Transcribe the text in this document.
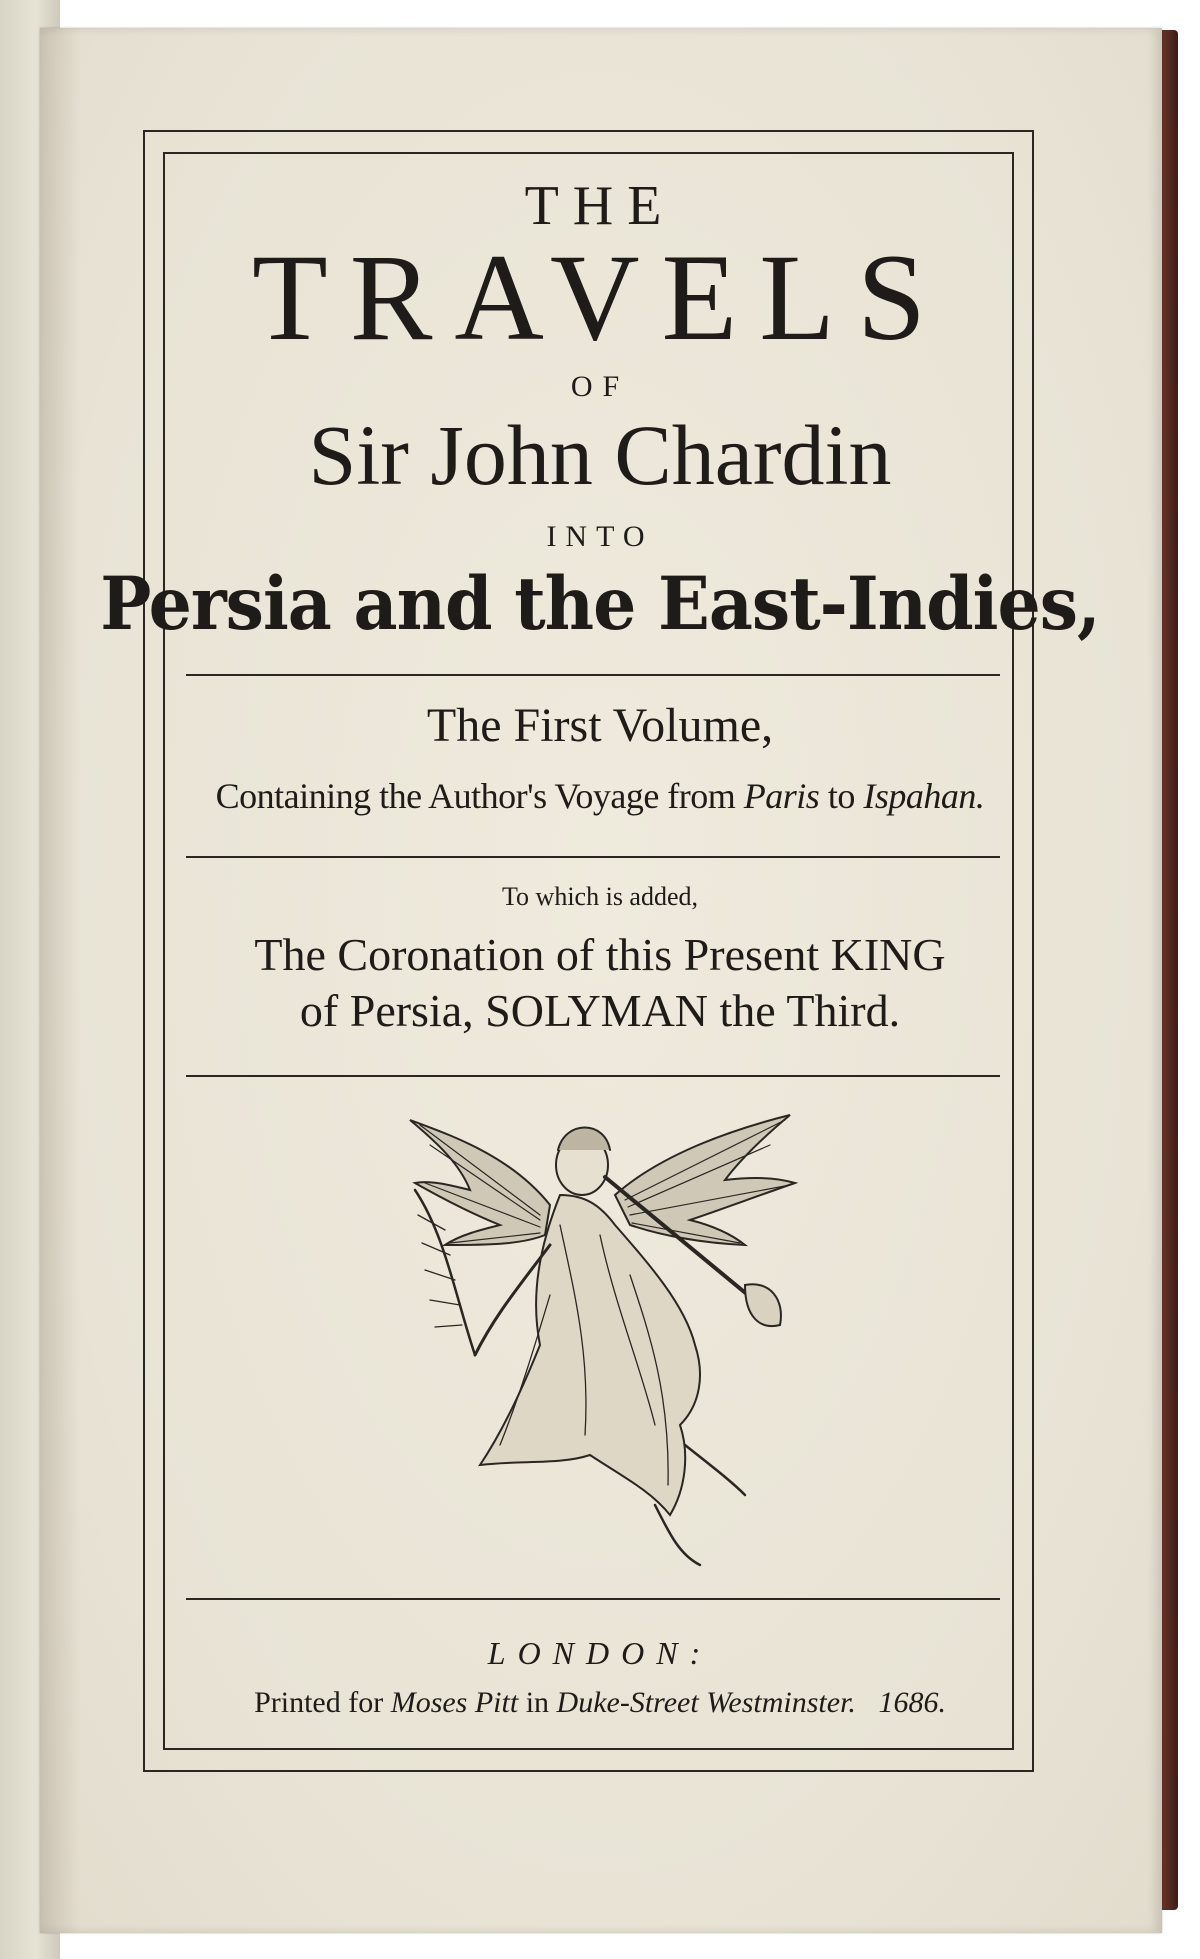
THE
TRAVELS
OF
Sir John Chardin
INTO
Persia and the East-Indies,
The First Volume,
Containing the Author's Voyage from Paris to Ispahan.
To which is added,
The Coronation of this Present KING
of Persia, SOLYMAN the Third.
LONDON:
Printed for Moses Pitt in Duke-Street Westminster. 1686.
